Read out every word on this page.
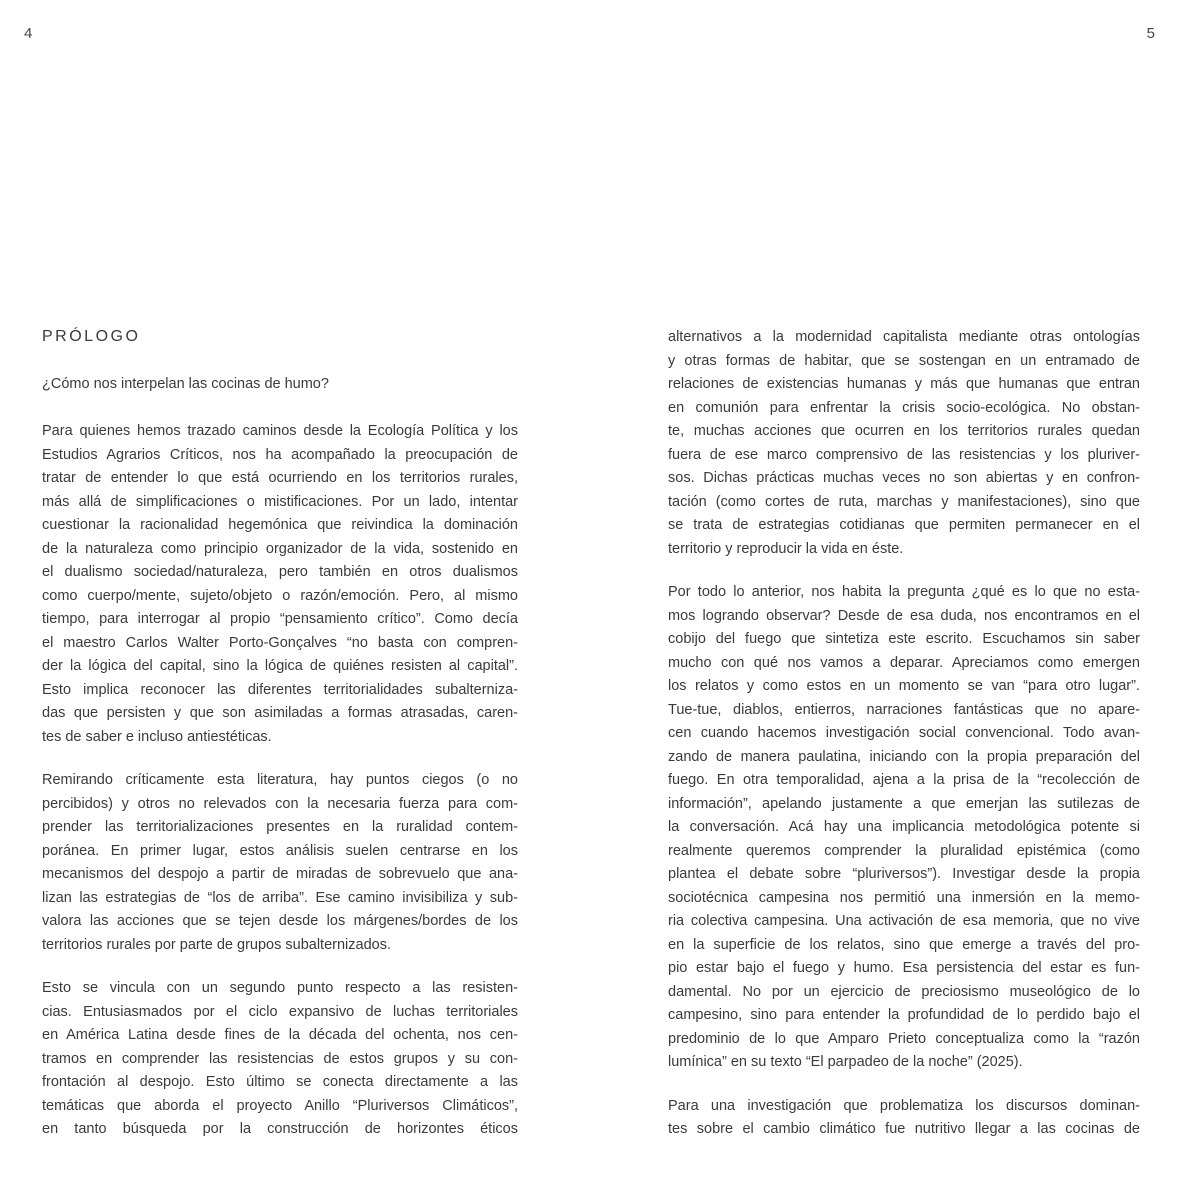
4	5
PRÓLOGO

¿Cómo nos interpelan las cocinas de humo?

Para quienes hemos trazado caminos desde la Ecología Política y los
Estudios Agrarios Críticos, nos ha acompañado la preocupación de
tratar de entender lo que está ocurriendo en los territorios rurales,
más allá de simplificaciones o mistificaciones. Por un lado, intentar
cuestionar la racionalidad hegemónica que reivindica la dominación
de la naturaleza como principio organizador de la vida, sostenido en
el dualismo sociedad/naturaleza, pero también en otros dualismos
como cuerpo/mente, sujeto/objeto o razón/emoción. Pero, al mismo
tiempo, para interrogar al propio “pensamiento crítico”. Como decía
el maestro Carlos Walter Porto-Gonçalves “no basta con compren-
der la lógica del capital, sino la lógica de quiénes resisten al capital”.
Esto implica reconocer las diferentes territorialidades subalterniza-
das que persisten y que son asimiladas a formas atrasadas, caren-
tes de saber e incluso antiestéticas.

Remirando críticamente esta literatura, hay puntos ciegos (o no
percibidos) y otros no relevados con la necesaria fuerza para com-
prender las territorializaciones presentes en la ruralidad contem-
poránea. En primer lugar, estos análisis suelen centrarse en los
mecanismos del despojo a partir de miradas de sobrevuelo que ana-
lizan las estrategias de “los de arriba”. Ese camino invisibiliza y sub-
valora las acciones que se tejen desde los márgenes/bordes de los
territorios rurales por parte de grupos subalternizados.

Esto se vincula con un segundo punto respecto a las resisten-
cias. Entusiasmados por el ciclo expansivo de luchas territoriales
en América Latina desde fines de la década del ochenta, nos cen-
tramos en comprender las resistencias de estos grupos y su con-
frontación al despojo. Esto último se conecta directamente a las
temáticas que aborda el proyecto Anillo “Pluriversos Climáticos”,
en tanto búsqueda por la construcción de horizontes éticos

alternativos a la modernidad capitalista mediante otras ontologías
y otras formas de habitar, que se sostengan en un entramado de
relaciones de existencias humanas y más que humanas que entran
en comunión para enfrentar la crisis socio-ecológica. No obstan-
te, muchas acciones que ocurren en los territorios rurales quedan
fuera de ese marco comprensivo de las resistencias y los pluriver-
sos. Dichas prácticas muchas veces no son abiertas y en confron-
tación (como cortes de ruta, marchas y manifestaciones), sino que
se trata de estrategias cotidianas que permiten permanecer en el
territorio y reproducir la vida en éste.

Por todo lo anterior, nos habita la pregunta ¿qué es lo que no esta-
mos logrando observar? Desde de esa duda, nos encontramos en el
cobijo del fuego que sintetiza este escrito. Escuchamos sin saber
mucho con qué nos vamos a deparar. Apreciamos como emergen
los relatos y como estos en un momento se van “para otro lugar”.
Tue-tue, diablos, entierros, narraciones fantásticas que no apare-
cen cuando hacemos investigación social convencional. Todo avan-
zando de manera paulatina, iniciando con la propia preparación del
fuego. En otra temporalidad, ajena a la prisa de la “recolección de
información”, apelando justamente a que emerjan las sutilezas de
la conversación. Acá hay una implicancia metodológica potente si
realmente queremos comprender la pluralidad epistémica (como
plantea el debate sobre “pluriversos”). Investigar desde la propia
sociotécnica campesina nos permitió una inmersión en la memo-
ria colectiva campesina. Una activación de esa memoria, que no vive
en la superficie de los relatos, sino que emerge a través del pro-
pio estar bajo el fuego y humo. Esa persistencia del estar es fun-
damental. No por un ejercicio de preciosismo museológico de lo
campesino, sino para entender la profundidad de lo perdido bajo el
predominio de lo que Amparo Prieto conceptualiza como la “razón
lumínica” en su texto “El parpadeo de la noche” (2025).

Para una investigación que problematiza los discursos dominan-
tes sobre el cambio climático fue nutritivo llegar a las cocinas de
